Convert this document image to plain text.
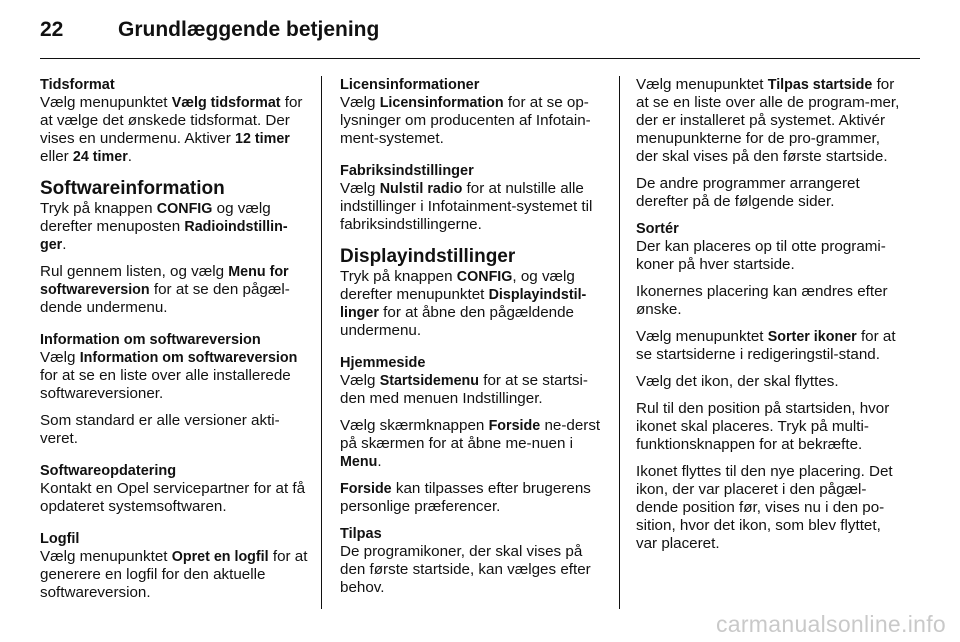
22	Grundlæggende betjening
Tidsformat

Vælg menupunktet Vælg tidsformat for at vælge det ønskede tidsformat. Der vises en undermenu. Aktiver 12 timer eller 24 timer.

Softwareinformation

Tryk på knappen CONFIG og vælg derefter menuposten Radioindstillin-ger.

Rul gennem listen, og vælg Menu for softwareversion for at se den pågæl-dende undermenu.

Information om softwareversion

Vælg Information om softwareversion for at se en liste over alle installerede softwareversioner.

Som standard er alle versioner akti-veret.

Softwareopdatering

Kontakt en Opel servicepartner for at få opdateret systemsoftwaren.

Logfil

Vælg menupunktet Opret en logfil for at generere en logfil for den aktuelle softwareversion.

Licensinformationer

Vælg Licensinformation for at se op-lysninger om producenten af Infotain-ment-systemet.

Fabriksindstillinger

Vælg Nulstil radio for at nulstille alle indstillinger i Infotainment-systemet til fabriksindstillingerne.

Displayindstillinger

Tryk på knappen CONFIG, og vælg derefter menupunktet Displayindstil-linger for at åbne den pågældende undermenu.

Hjemmeside

Vælg Startsidemenu for at se startsi-den med menuen Indstillinger.

Vælg skærmknappen Forside ne-derst på skærmen for at åbne me-nuen i Menu.

Forside kan tilpasses efter brugerens personlige præferencer.

Tilpas

De programikoner, der skal vises på den første startside, kan vælges efter behov.

Vælg menupunktet Tilpas startside for at se en liste over alle de program-mer, der er installeret på systemet. Aktivér menupunkterne for de pro-grammer, der skal vises på den første startside.

De andre programmer arrangeret derefter på de følgende sider.

Sortér

Der kan placeres op til otte programi-koner på hver startside.

Ikonernes placering kan ændres efter ønske.

Vælg menupunktet Sorter ikoner for at se startsiderne i redigeringstil-stand.

Vælg det ikon, der skal flyttes.

Rul til den position på startsiden, hvor ikonet skal placeres. Tryk på multi-funktionsknappen for at bekræfte.

Ikonet flyttes til den nye placering. Det ikon, der var placeret i den pågæl-dende position før, vises nu i den po-sition, hvor det ikon, som blev flyttet, var placeret.

carmanualsonline.info
